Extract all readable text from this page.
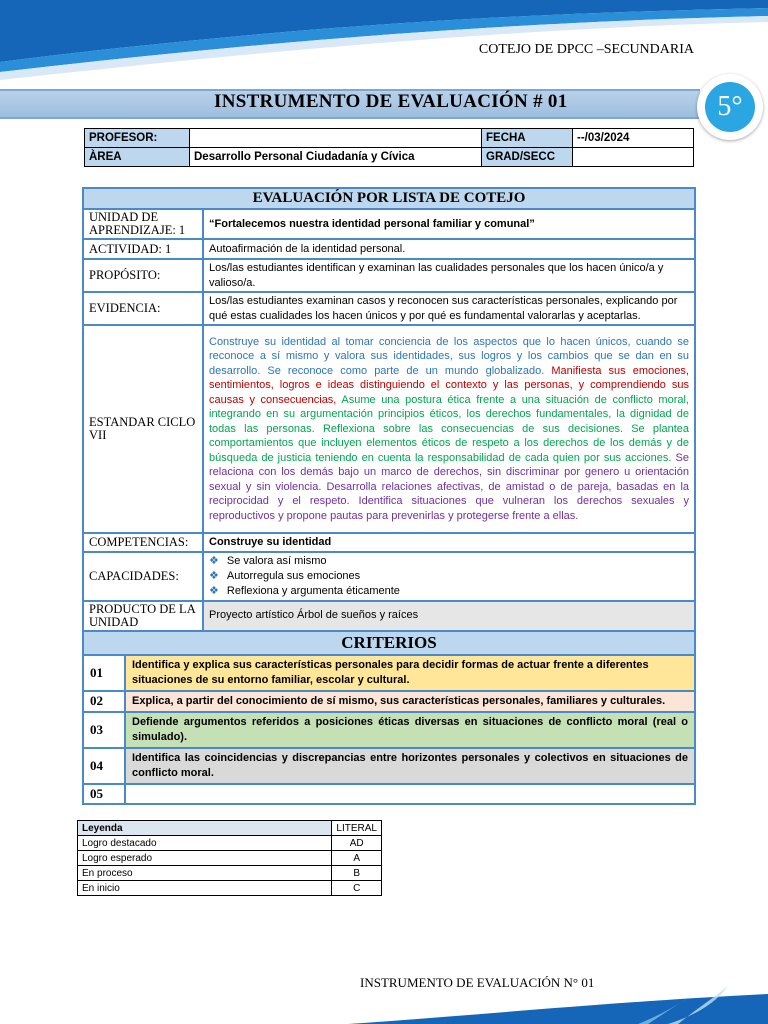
COTEJO DE DPCC –SECUNDARIA
INSTRUMENTO DE EVALUACIÓN # 01	5°
PROFESOR:		FECHA	--/03/2024
ÀREA	Desarrollo Personal Ciudadanía y Cívica	GRAD/SECC	
EVALUACIÓN POR LISTA DE COTEJO
UNIDAD DE APRENDIZAJE: 1	“Fortalecemos nuestra identidad personal familiar y comunal”
ACTIVIDAD: 1	Autoafirmación de la identidad personal.
PROPÓSITO:	Los/las estudiantes identifican y examinan las cualidades personales que los hacen único/a y valioso/a.
EVIDENCIA:	Los/las estudiantes examinan casos y reconocen sus características personales, explicando por qué estas cualidades los hacen únicos y por qué es fundamental valorarlas y aceptarlas.
ESTANDAR CICLO VII	Construye su identidad al tomar conciencia de los aspectos que lo hacen únicos, cuando se reconoce a sí mismo y valora sus identidades, sus logros y los cambios que se dan en su desarrollo. Se reconoce como parte de un mundo globalizado. Manifiesta sus emociones, sentimientos, logros e ideas distinguiendo el contexto y las personas, y comprendiendo sus causas y consecuencias, Asume una postura ética frente a una situación de conflicto moral, integrando en su argumentación principios éticos, los derechos fundamentales, la dignidad de todas las personas. Reflexiona sobre las consecuencias de sus decisiones. Se plantea comportamientos que incluyen elementos éticos de respeto a los derechos de los demás y de búsqueda de justicia teniendo en cuenta la responsabilidad de cada quien por sus acciones. Se relaciona con los demás bajo un marco de derechos, sin discriminar por genero u orientación sexual y sin violencia. Desarrolla relaciones afectivas, de amistad o de pareja, basadas en la reciprocidad y el respeto. Identifica situaciones que vulneran los derechos sexuales y reproductivos y propone pautas para prevenirlas y protegerse frente a ellas.
COMPETENCIAS:	Construye su identidad
CAPACIDADES:	
❖ Se valora así mismo
❖ Autorregula sus emociones
❖ Reflexiona y argumenta éticamente

PRODUCTO DE LA UNIDAD	Proyecto artístico Árbol de sueños y raíces
CRITERIOS

01	Identifica y explica sus características personales para decidir formas de actuar frente a diferentes situaciones de su entorno familiar, escolar y cultural.

02	Explica, a partir del conocimiento de sí mismo, sus características personales, familiares y culturales.

03	Defiende argumentos referidos a posiciones éticas diversas en situaciones de conflicto moral (real o simulado).

04	Identifica las coincidencias y discrepancias entre horizontes personales y colectivos en situaciones de conflicto moral.

05	
Leyenda	LITERAL
Logro destacado	AD
Logro esperado	A
En proceso	B
En inicio	C
INSTRUMENTO DE EVALUACIÓN N° 01
